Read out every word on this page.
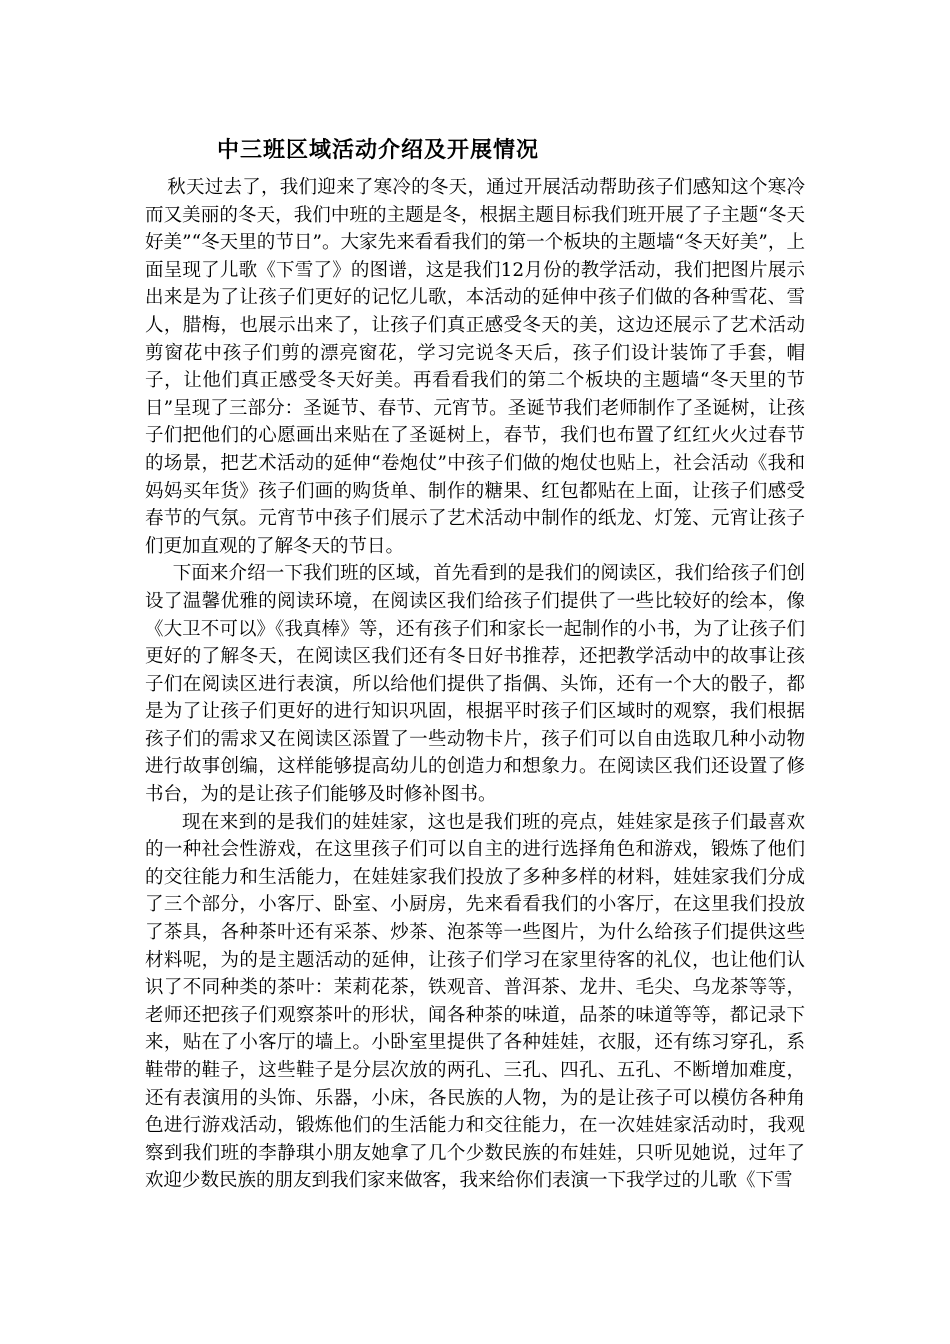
中三班区域活动介绍及开展情况

秋天过去了，我们迎来了寒冷的冬天，通过开展活动帮助孩子们感知这个寒冷而又美丽的冬天，我们中班的主题是冬，根据主题目标我们班开展了子主题“冬天好美”“冬天里的节日”。大家先来看看我们的第一个板块的主题墙“冬天好美”，上面呈现了儿歌《下雪了》的图谱，这是我们12月份的教学活动，我们把图片展示出来是为了让孩子们更好的记忆儿歌，本活动的延伸中孩子们做的各种雪花、雪人，腊梅，也展示出来了，让孩子们真正感受冬天的美，这边还展示了艺术活动剪窗花中孩子们剪的漂亮窗花，学习完说冬天后，孩子们设计装饰了手套，帽子，让他们真正感受冬天好美。再看看我们的第二个板块的主题墙“冬天里的节日”呈现了三部分：圣诞节、春节、元宵节。圣诞节我们老师制作了圣诞树，让孩子们把他们的心愿画出来贴在了圣诞树上，春节，我们也布置了红红火火过春节的场景，把艺术活动的延伸“卷炮仗”中孩子们做的炮仗也贴上，社会活动《我和妈妈买年货》孩子们画的购货单、制作的糖果、红包都贴在上面，让孩子们感受春节的气氛。元宵节中孩子们展示了艺术活动中制作的纸龙、灯笼、元宵让孩子们更加直观的了解冬天的节日。

下面来介绍一下我们班的区域，首先看到的是我们的阅读区，我们给孩子们创设了温馨优雅的阅读环境，在阅读区我们给孩子们提供了一些比较好的绘本，像《大卫不可以》《我真棒》等，还有孩子们和家长一起制作的小书，为了让孩子们更好的了解冬天，在阅读区我们还有冬日好书推荐，还把教学活动中的故事让孩子们在阅读区进行表演，所以给他们提供了指偶、头饰，还有一个大的骰子，都是为了让孩子们更好的进行知识巩固，根据平时孩子们区域时的观察，我们根据孩子们的需求又在阅读区添置了一些动物卡片，孩子们可以自由选取几种小动物进行故事创编，这样能够提高幼儿的创造力和想象力。在阅读区我们还设置了修书台，为的是让孩子们能够及时修补图书。

现在来到的是我们的娃娃家，这也是我们班的亮点，娃娃家是孩子们最喜欢的一种社会性游戏，在这里孩子们可以自主的进行选择角色和游戏，锻炼了他们的交往能力和生活能力，在娃娃家我们投放了多种多样的材料，娃娃家我们分成了三个部分，小客厅、卧室、小厨房，先来看看我们的小客厅，在这里我们投放了茶具，各种茶叶还有采茶、炒茶、泡茶等一些图片，为什么给孩子们提供这些材料呢，为的是主题活动的延伸，让孩子们学习在家里待客的礼仪，也让他们认识了不同种类的茶叶：茉莉花茶，铁观音、普洱茶、龙井、毛尖、乌龙茶等等，老师还把孩子们观察茶叶的形状，闻各种茶的味道，品茶的味道等等，都记录下来，贴在了小客厅的墙上。小卧室里提供了各种娃娃，衣服，还有练习穿孔，系鞋带的鞋子，这些鞋子是分层次放的两孔、三孔、四孔、五孔、不断增加难度，还有表演用的头饰、乐器，小床，各民族的人物，为的是让孩子可以模仿各种角色进行游戏活动，锻炼他们的生活能力和交往能力，在一次娃娃家活动时，我观察到我们班的李静琪小朋友她拿了几个少数民族的布娃娃，只听见她说，过年了欢迎少数民族的朋友到我们家来做客，我来给你们表演一下我学过的儿歌《下雪
